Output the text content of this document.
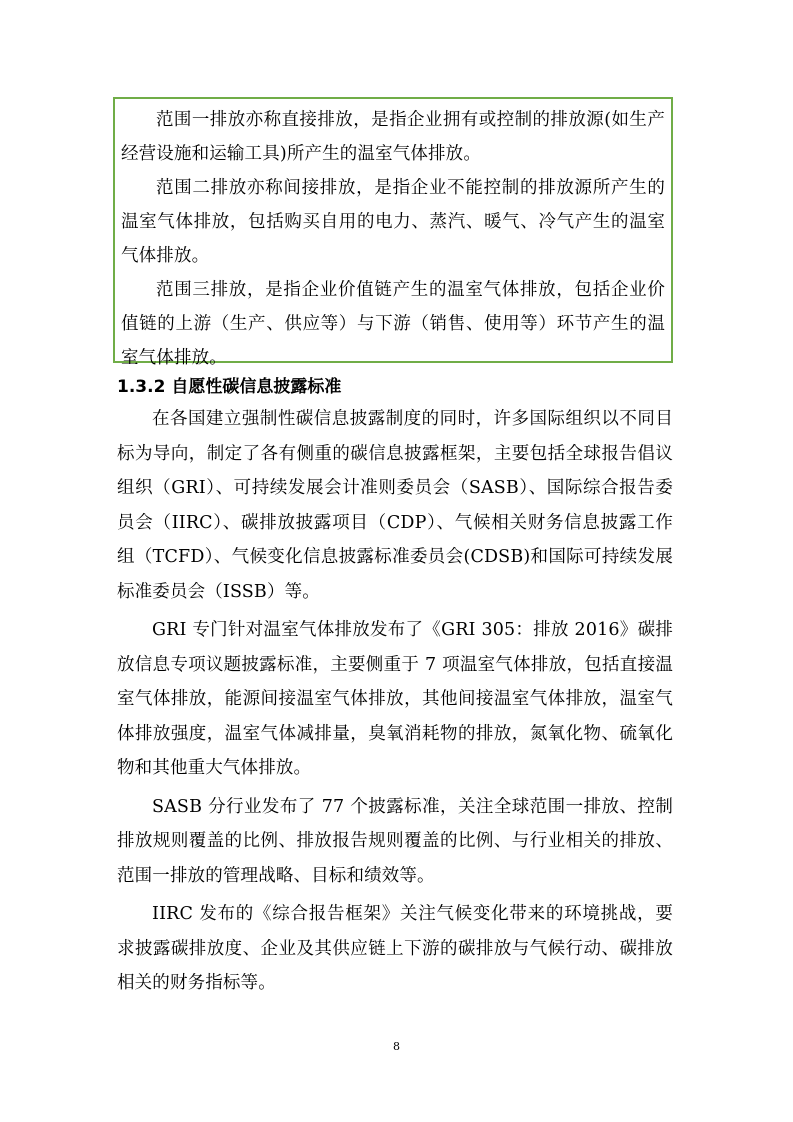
范围一排放亦称直接排放，是指企业拥有或控制的排放源(如生产经营设施和运输工具)所产生的温室气体排放。

范围二排放亦称间接排放，是指企业不能控制的排放源所产生的温室气体排放，包括购买自用的电力、蒸汽、暖气、冷气产生的温室气体排放。

范围三排放，是指企业价值链产生的温室气体排放，包括企业价值链的上游（生产、供应等）与下游（销售、使用等）环节产生的温室气体排放。

1.3.2 自愿性碳信息披露标准

在各国建立强制性碳信息披露制度的同时，许多国际组织以不同目标为导向，制定了各有侧重的碳信息披露框架，主要包括全球报告倡议组织（GRI）、可持续发展会计准则委员会（SASB）、国际综合报告委员会（IIRC）、碳排放披露项目（CDP）、气候相关财务信息披露工作组（TCFD）、气候变化信息披露标准委员会(CDSB)和国际可持续发展标准委员会（ISSB）等。

GRI 专门针对温室气体排放发布了《GRI 305：排放 2016》碳排放信息专项议题披露标准，主要侧重于 7 项温室气体排放，包括直接温室气体排放，能源间接温室气体排放，其他间接温室气体排放，温室气体排放强度，温室气体减排量，臭氧消耗物的排放，氮氧化物、硫氧化物和其他重大气体排放。

SASB 分行业发布了 77 个披露标准，关注全球范围一排放、控制排放规则覆盖的比例、排放报告规则覆盖的比例、与行业相关的排放、范围一排放的管理战略、目标和绩效等。

IIRC 发布的《综合报告框架》关注气候变化带来的环境挑战，要求披露碳排放度、企业及其供应链上下游的碳排放与气候行动、碳排放相关的财务指标等。

8
